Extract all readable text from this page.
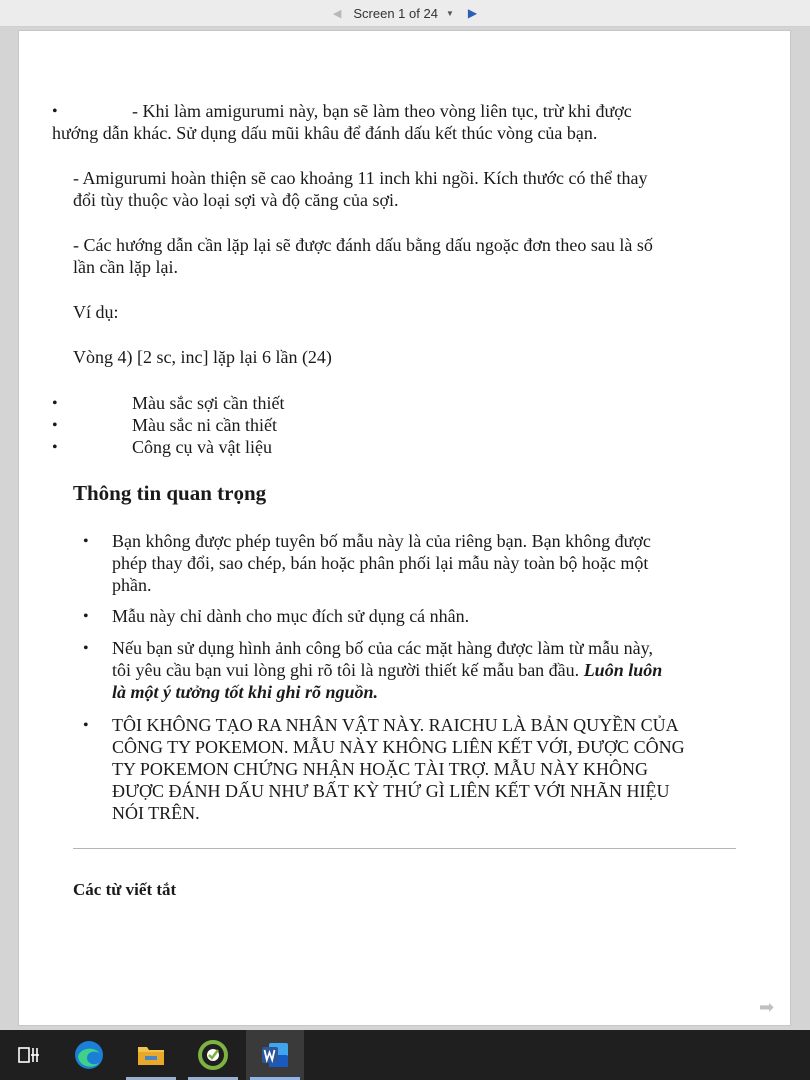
◀ Screen 1 of 24 ▼ ▶
•	- Khi làm amigurumi này, bạn sẽ làm theo vòng liên tục, trừ khi được
hướng dẫn khác. Sử dụng dấu mũi khâu để đánh dấu kết thúc vòng của bạn.
- Amigurumi hoàn thiện sẽ cao khoảng 11 inch khi ngồi. Kích thước có thể thay
đổi tùy thuộc vào loại sợi và độ căng của sợi.
- Các hướng dẫn cần lặp lại sẽ được đánh dấu bằng dấu ngoặc đơn theo sau là số
lần cần lặp lại.
Ví dụ:
Vòng 4) [2 sc, inc] lặp lại 6 lần (24)
•	Màu sắc sợi cần thiết
•	Màu sắc ni cần thiết
•	Công cụ và vật liệu
Thông tin quan trọng
• Bạn không được phép tuyên bố mẫu này là của riêng bạn. Bạn không được
phép thay đổi, sao chép, bán hoặc phân phối lại mẫu này toàn bộ hoặc một
phần.
• Mẫu này chỉ dành cho mục đích sử dụng cá nhân.
• Nếu bạn sử dụng hình ảnh công bố của các mặt hàng được làm từ mẫu này,
tôi yêu cầu bạn vui lòng ghi rõ tôi là người thiết kế mẫu ban đầu. Luôn luôn
là một ý tưởng tốt khi ghi rõ nguồn.
• TÔI KHÔNG TẠO RA NHÂN VẬT NÀY. RAICHU LÀ BẢN QUYỀN CỦA
CÔNG TY POKEMON. MẪU NÀY KHÔNG LIÊN KẾT VỚI, ĐƯỢC CÔNG
TY POKEMON CHỨNG NHẬN HOẶC TÀI TRỢ. MẪU NÀY KHÔNG
ĐƯỢC ĐÁNH DẤU NHƯ BẤT KỲ THỨ GÌ LIÊN KẾT VỚI NHÃN HIỆU
NÓI TRÊN.
Các từ viết tắt
➡
